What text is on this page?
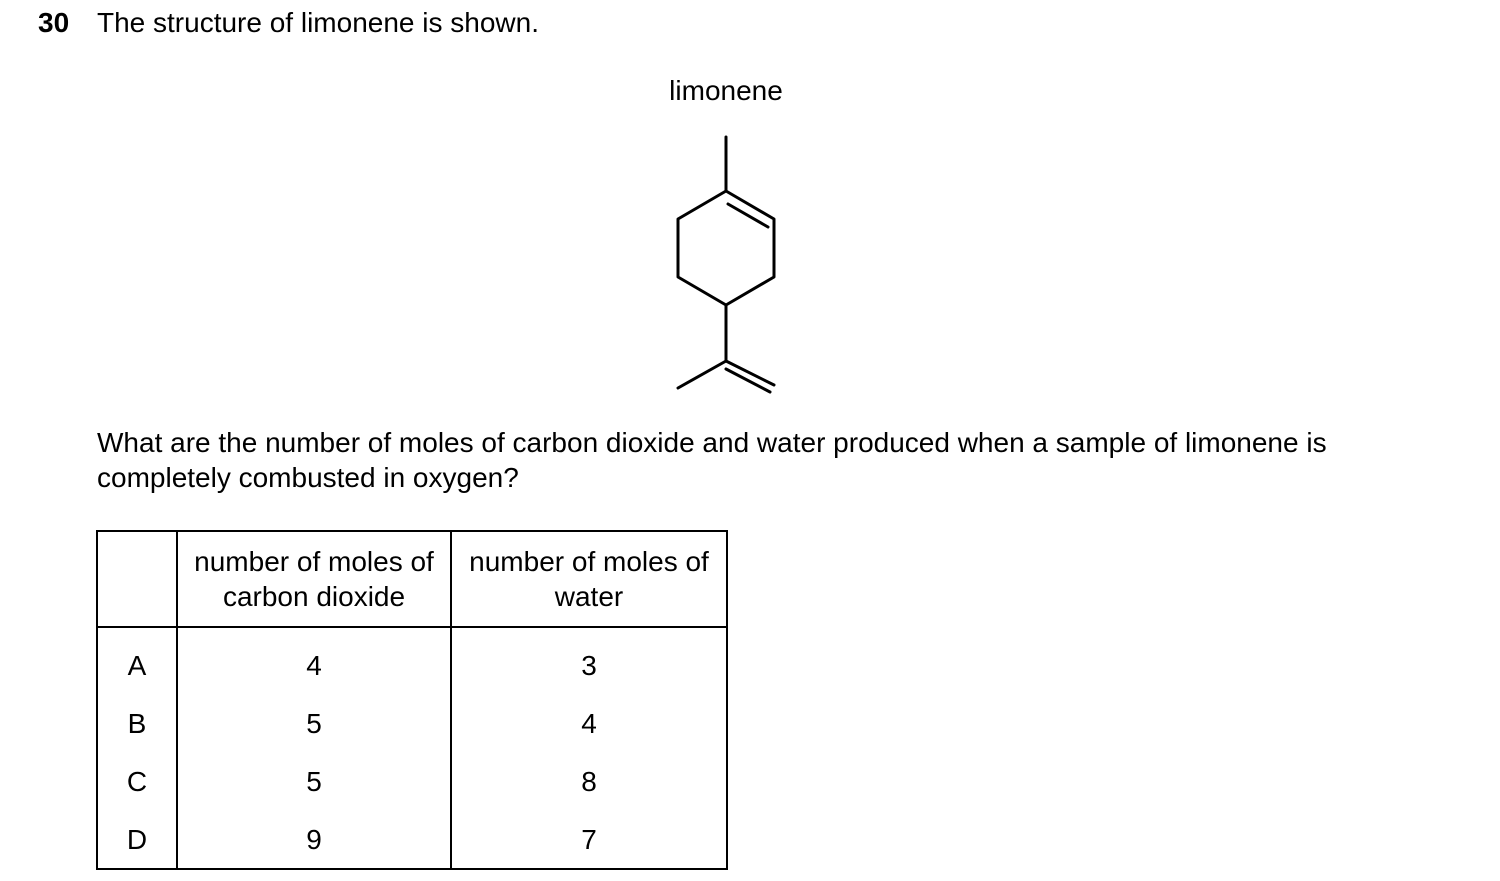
30 The structure of limonene is shown.
limonene
What are the number of moles of carbon dioxide and water produced when a sample of limonene is completely combusted in oxygen?
	number of moles of carbon dioxide	number of moles of water
A	4	3
B	5	4
C	5	8
D	9	7
